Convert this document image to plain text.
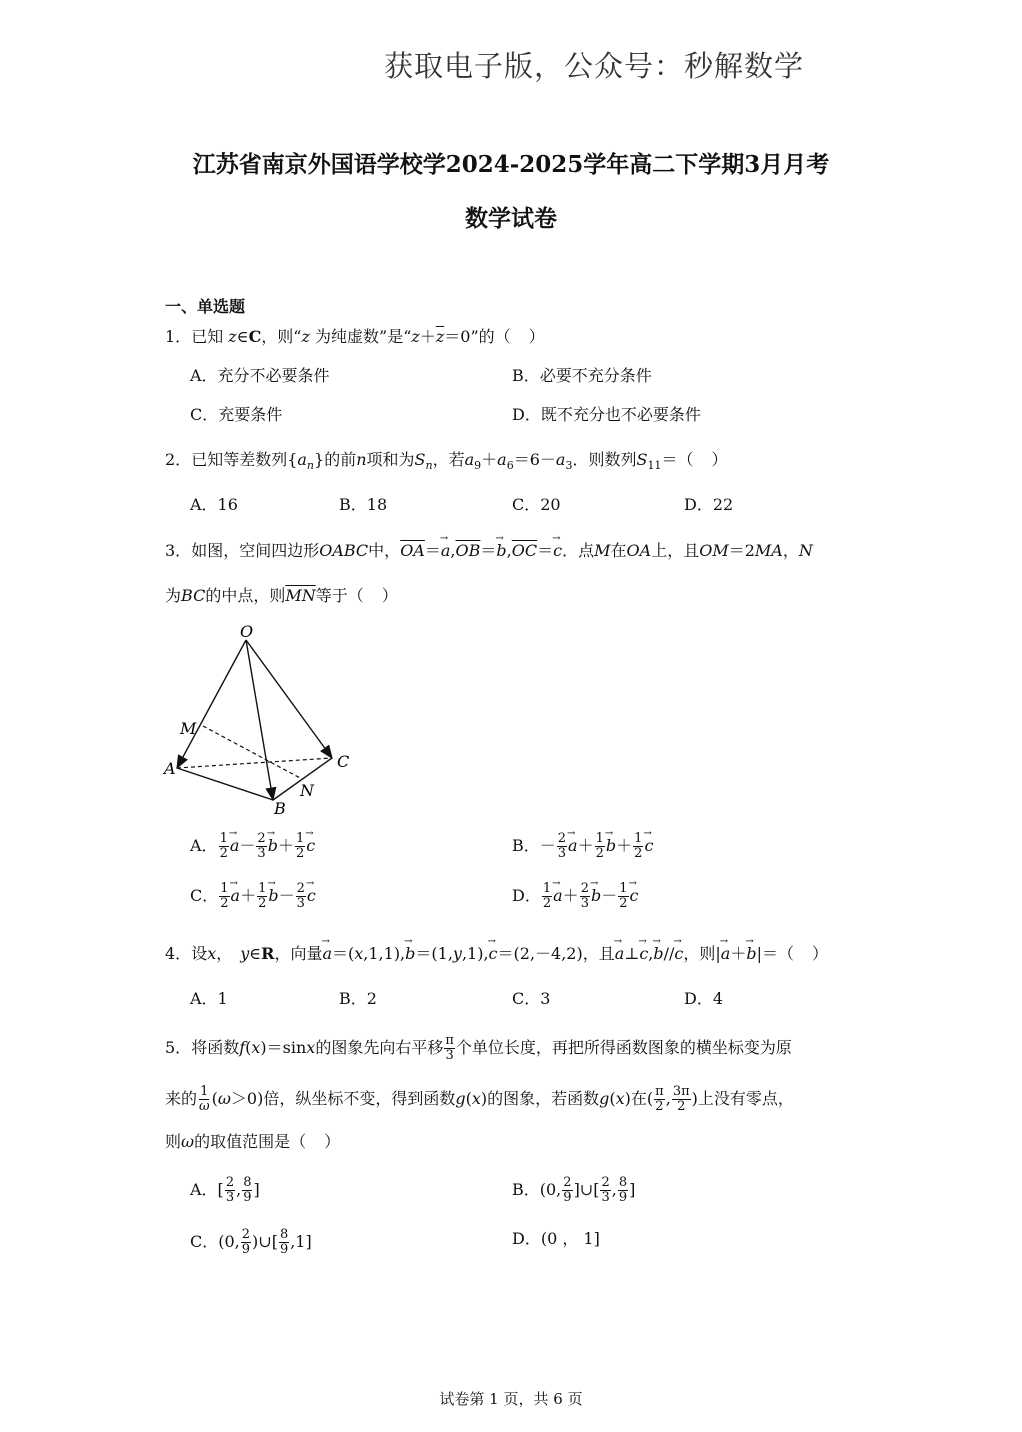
获取电子版，公众号：秒解数学
江苏省南京外国语学校学2024-2025学年高二下学期3月月考
数学试卷
一、单选题
1．已知 z∈C，则“z 为纯虚数”是“$z+\overline{z}=0$”的（ ）
A．充分不必要条件	B．必要不充分条件
C．充要条件	D．既不充分也不必要条件
2．已知等差数列$\{a_n\}$的前n项和为$S_n$，若$a_9+a_6=6-a_3$．则数列$S_{11}=$（ ）
A．16	B．18	C．20	D．22
3．如图，空间四边形OABC中，$\overline{OA}=\to a,\overline{OB}=\to b,\overline{OC}=\to c$．点M在OA上，且OM＝2MA，N
为BC的中点，则$\overline{MN}$等于（ ）
O
M
A
B
N
C
A． $\frac{1}{2} \to a- \frac{2}{3} \to b+ \frac{1}{2} \to c$	B．－ $\frac{2}{3} \to a+ \frac{1}{2} \to b+ \frac{1}{2} \to c$
C． $\frac{1}{2} \to a+ \frac{1}{2} \to b- \frac{2}{3} \to c$	D． $\frac{1}{2} \to a+ \frac{2}{3} \to b- \frac{1}{2} \to c$
4．设x，　y∈R，向量→ a＝(x,1,1),→ b＝(1,y,1),→ c＝(2,－4,2)，且→ a⊥→ c,→ b//→ c，则|→ a＋→ b|＝（ ）
A．1	B．2	C．3	D．4
5．将函数f(x)＝sinx的图象先向右平移 $\frac{\pi}{3}$ 个单位长度，再把所得函数图象的横坐标变为原
来的 $\frac{1}{\omega} (\omega>0)$倍，纵坐标不变，得到函数g(x)的图象，若函数g(x)在( $\frac{\pi}{2}$ , $\frac{3\pi}{2}$ )上没有零点，
则ω的取值范围是（ ）
A．[ $\frac{2}{3}$ , $\frac{8}{9}$ ]	B．(0, $\frac{2}{9}$ ]∪[ $\frac{2}{3}$ , $\frac{8}{9}$ ]
C．(0, $\frac{2}{9}$ )∪[ $\frac{8}{9} ,1$]	D．(0 ， 1]
试卷第 1 页，共 6 页
